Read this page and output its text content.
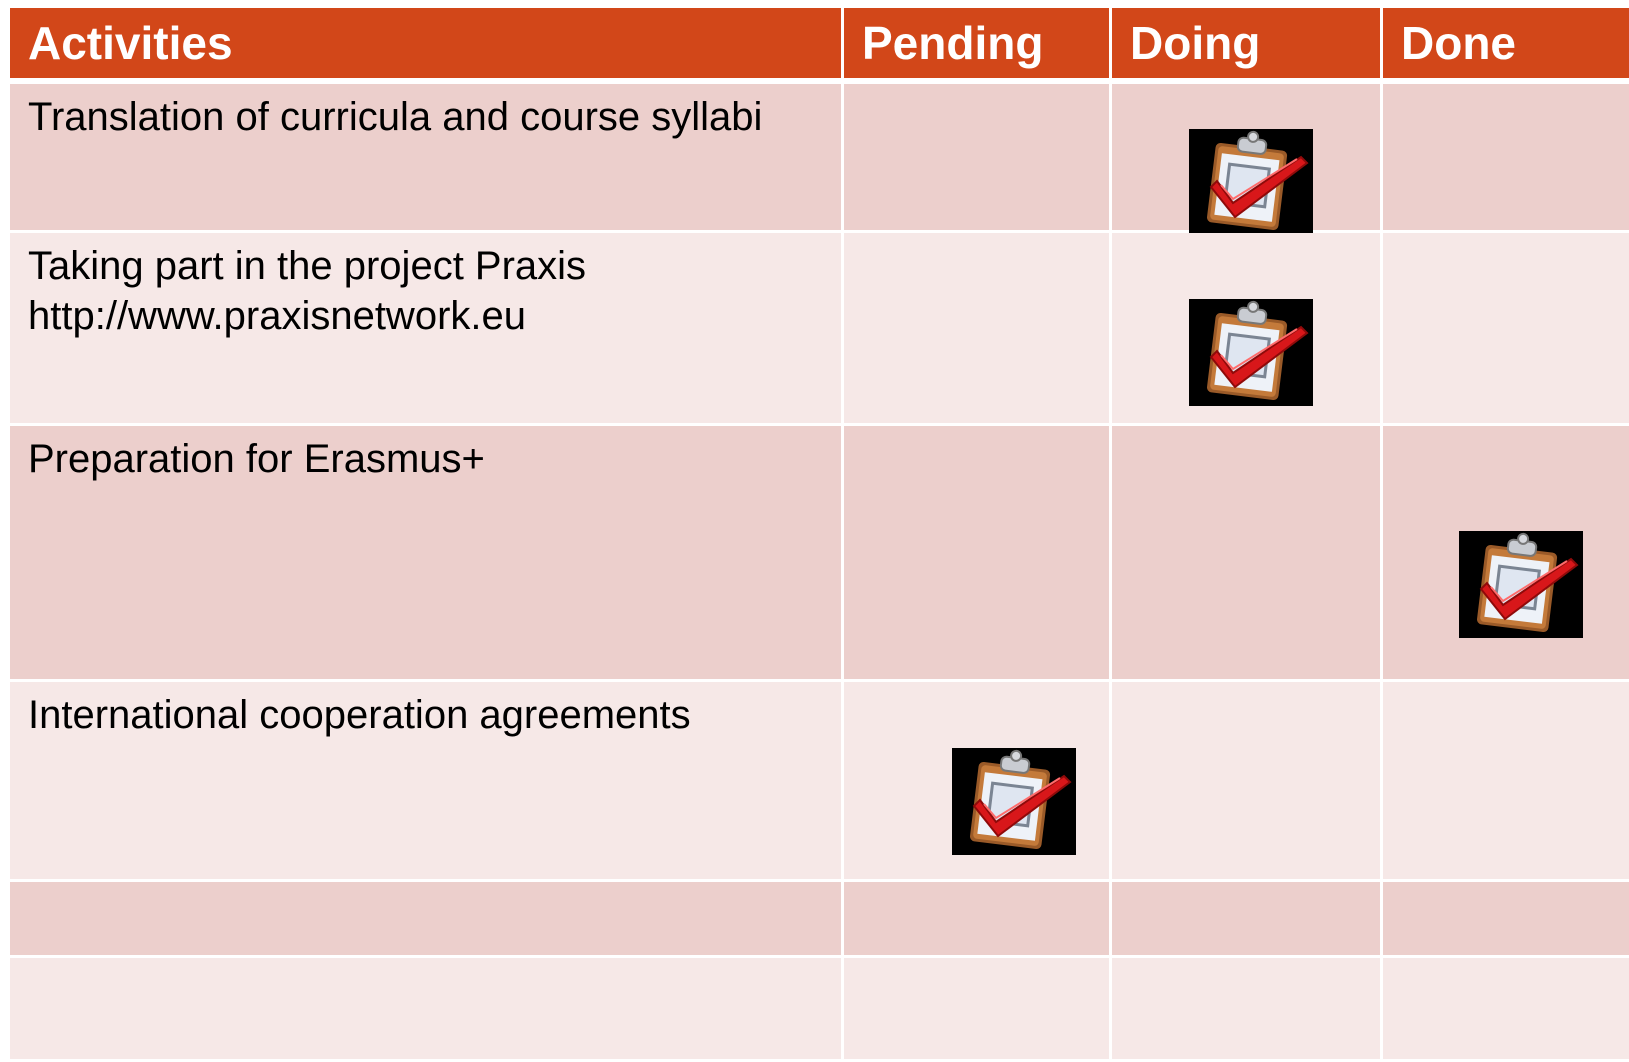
Activities	Pending	Doing	Done

Translation of curricula and course syllabi

Taking part in the project Praxis
http://www.praxisnetwork.eu

Preparation for Erasmus+

International cooperation agreements
